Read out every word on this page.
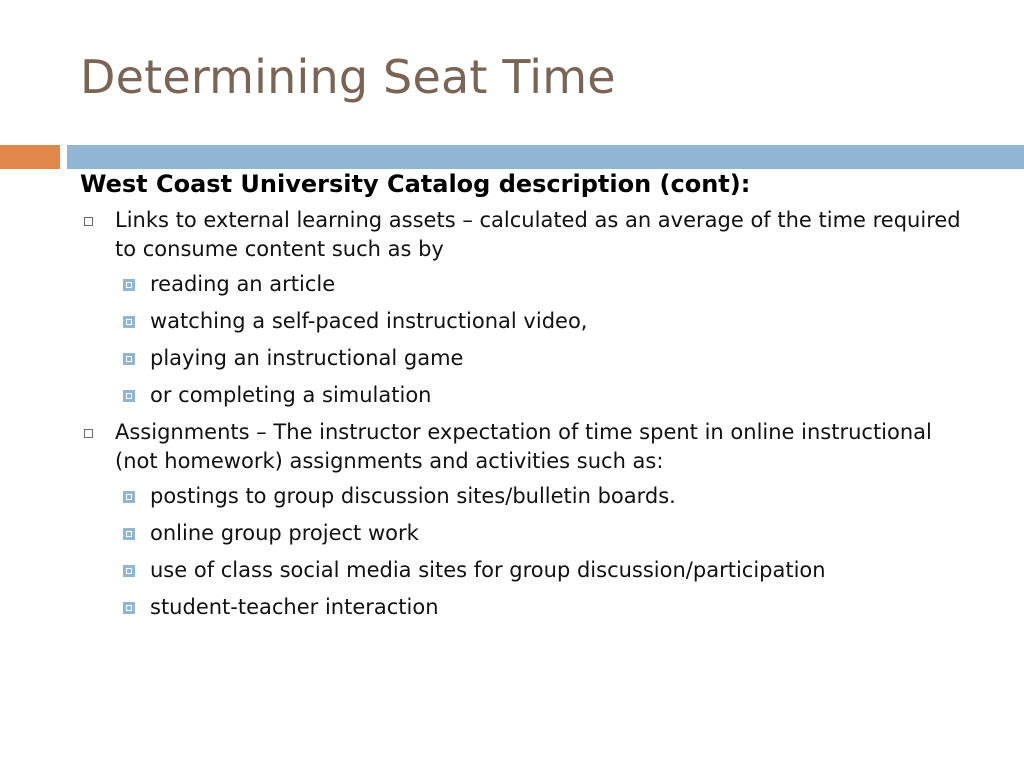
Determining Seat Time
West Coast University Catalog description (cont):
Links to external learning assets – calculated as an average of the time required to consume content such as by
reading an article
watching a self-paced instructional video,
playing an instructional game
or completing a simulation
Assignments – The instructor expectation of time spent in online instructional (not homework) assignments and activities such as:
postings to group discussion sites/bulletin boards.
online group project work
use of class social media sites for group discussion/participation
student-teacher interaction
